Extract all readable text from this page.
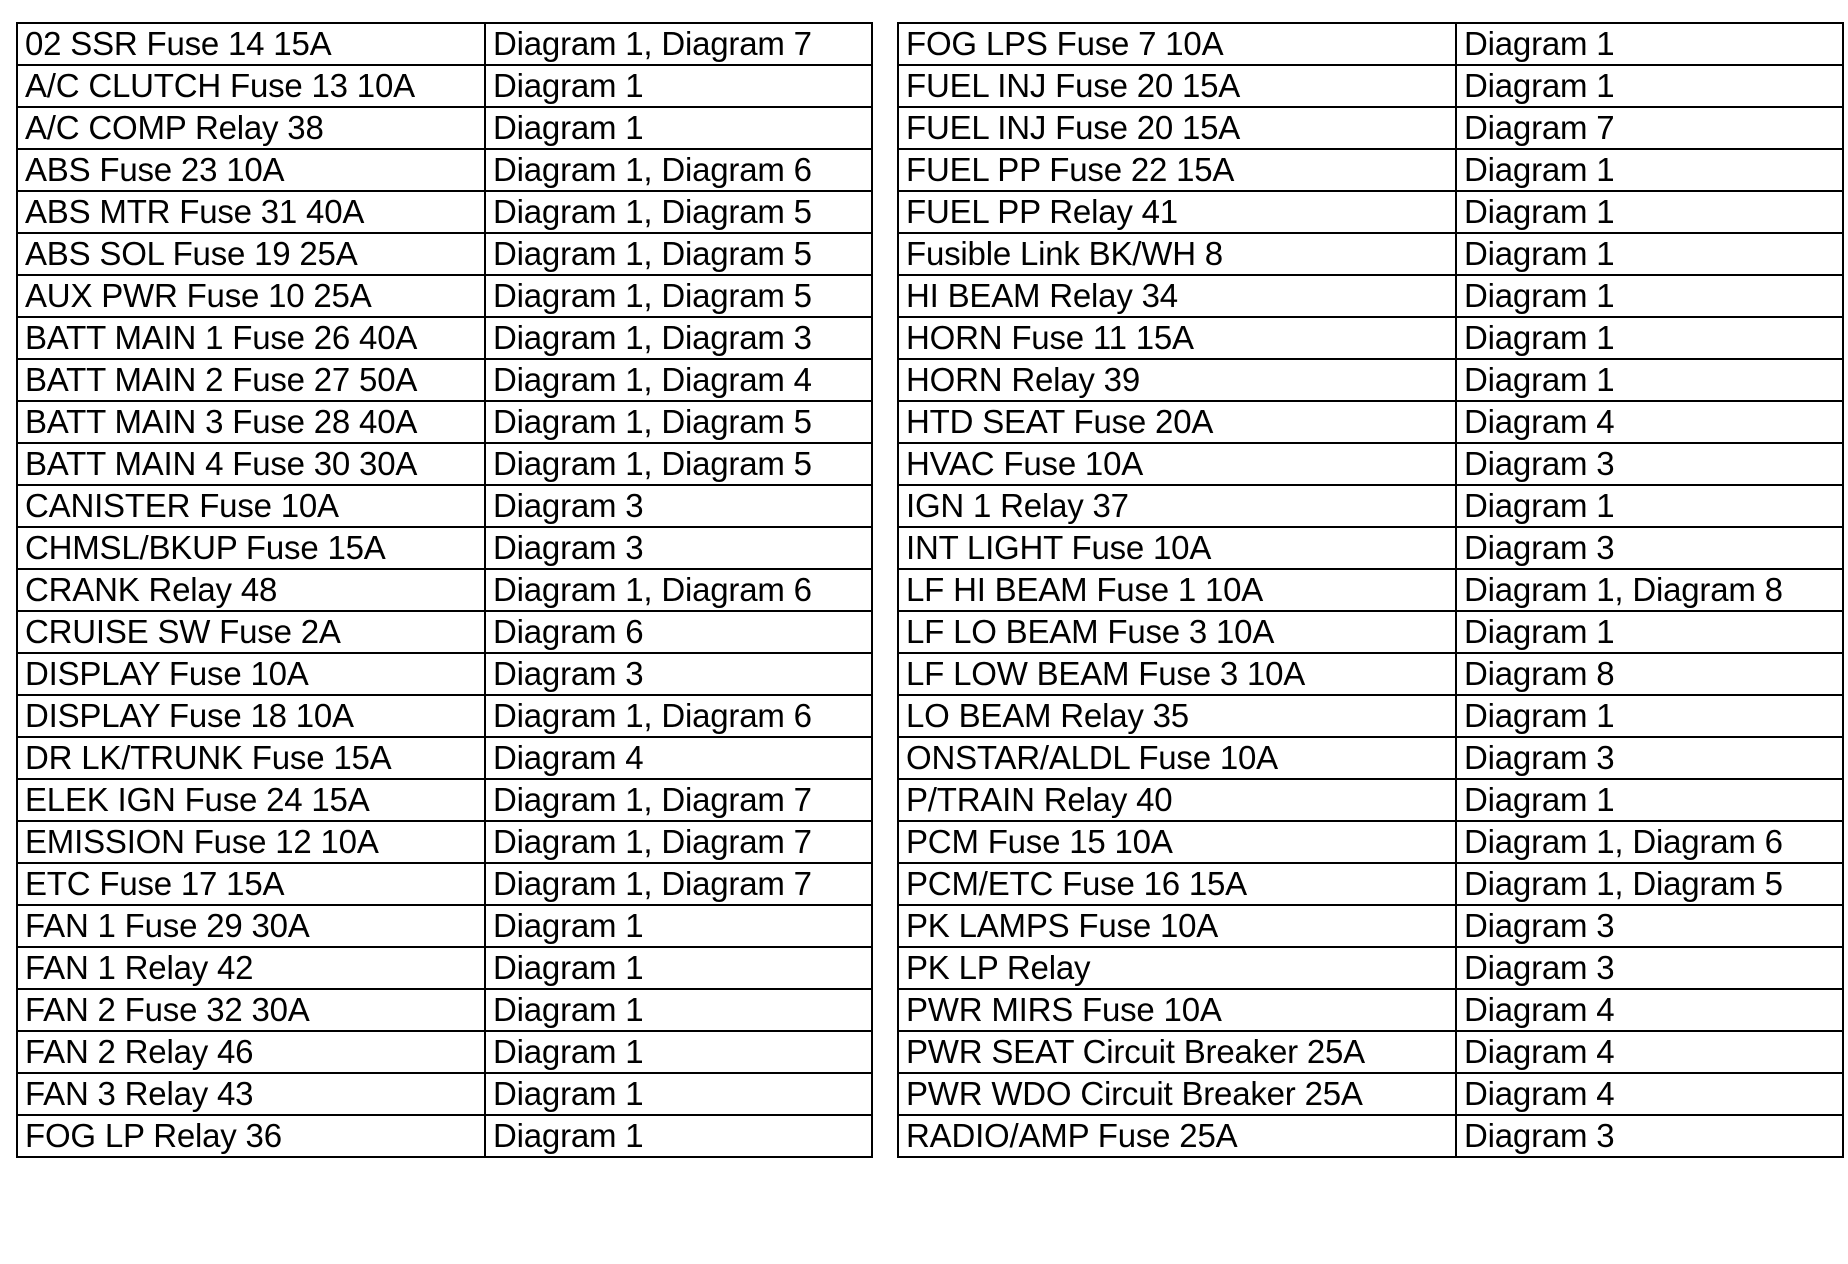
02 SSR Fuse 14 15A	Diagram 1, Diagram 7
A/C CLUTCH Fuse 13 10A	Diagram 1
A/C COMP Relay 38	Diagram 1
ABS Fuse 23 10A	Diagram 1, Diagram 6
ABS MTR Fuse 31 40A	Diagram 1, Diagram 5
ABS SOL Fuse 19 25A	Diagram 1, Diagram 5
AUX PWR Fuse 10 25A	Diagram 1, Diagram 5
BATT MAIN 1 Fuse 26 40A	Diagram 1, Diagram 3
BATT MAIN 2 Fuse 27 50A	Diagram 1, Diagram 4
BATT MAIN 3 Fuse 28 40A	Diagram 1, Diagram 5
BATT MAIN 4 Fuse 30 30A	Diagram 1, Diagram 5
CANISTER Fuse 10A	Diagram 3
CHMSL/BKUP Fuse 15A	Diagram 3
CRANK Relay 48	Diagram 1, Diagram 6
CRUISE SW Fuse 2A	Diagram 6
DISPLAY Fuse 10A	Diagram 3
DISPLAY Fuse 18 10A	Diagram 1, Diagram 6
DR LK/TRUNK Fuse 15A	Diagram 4
ELEK IGN Fuse 24 15A	Diagram 1, Diagram 7
EMISSION Fuse 12 10A	Diagram 1, Diagram 7
ETC Fuse 17 15A	Diagram 1, Diagram 7
FAN 1 Fuse 29 30A	Diagram 1
FAN 1 Relay 42	Diagram 1
FAN 2 Fuse 32 30A	Diagram 1
FAN 2 Relay 46	Diagram 1
FAN 3 Relay 43	Diagram 1
FOG LP Relay 36	Diagram 1
FOG LPS Fuse 7 10A	Diagram 1
FUEL INJ Fuse 20 15A	Diagram 1
FUEL INJ Fuse 20 15A	Diagram 7
FUEL PP Fuse 22 15A	Diagram 1
FUEL PP Relay 41	Diagram 1
Fusible Link BK/WH 8	Diagram 1
HI BEAM Relay 34	Diagram 1
HORN Fuse 11 15A	Diagram 1
HORN Relay 39	Diagram 1
HTD SEAT Fuse 20A	Diagram 4
HVAC Fuse 10A	Diagram 3
IGN 1 Relay 37	Diagram 1
INT LIGHT Fuse 10A	Diagram 3
LF HI BEAM Fuse 1 10A	Diagram 1, Diagram 8
LF LO BEAM Fuse 3 10A	Diagram 1
LF LOW BEAM Fuse 3 10A	Diagram 8
LO BEAM Relay 35	Diagram 1
ONSTAR/ALDL Fuse 10A	Diagram 3
P/TRAIN Relay 40	Diagram 1
PCM Fuse 15 10A	Diagram 1, Diagram 6
PCM/ETC Fuse 16 15A	Diagram 1, Diagram 5
PK LAMPS Fuse 10A	Diagram 3
PK LP Relay	Diagram 3
PWR MIRS Fuse 10A	Diagram 4
PWR SEAT Circuit Breaker 25A	Diagram 4
PWR WDO Circuit Breaker 25A	Diagram 4
RADIO/AMP Fuse 25A	Diagram 3
